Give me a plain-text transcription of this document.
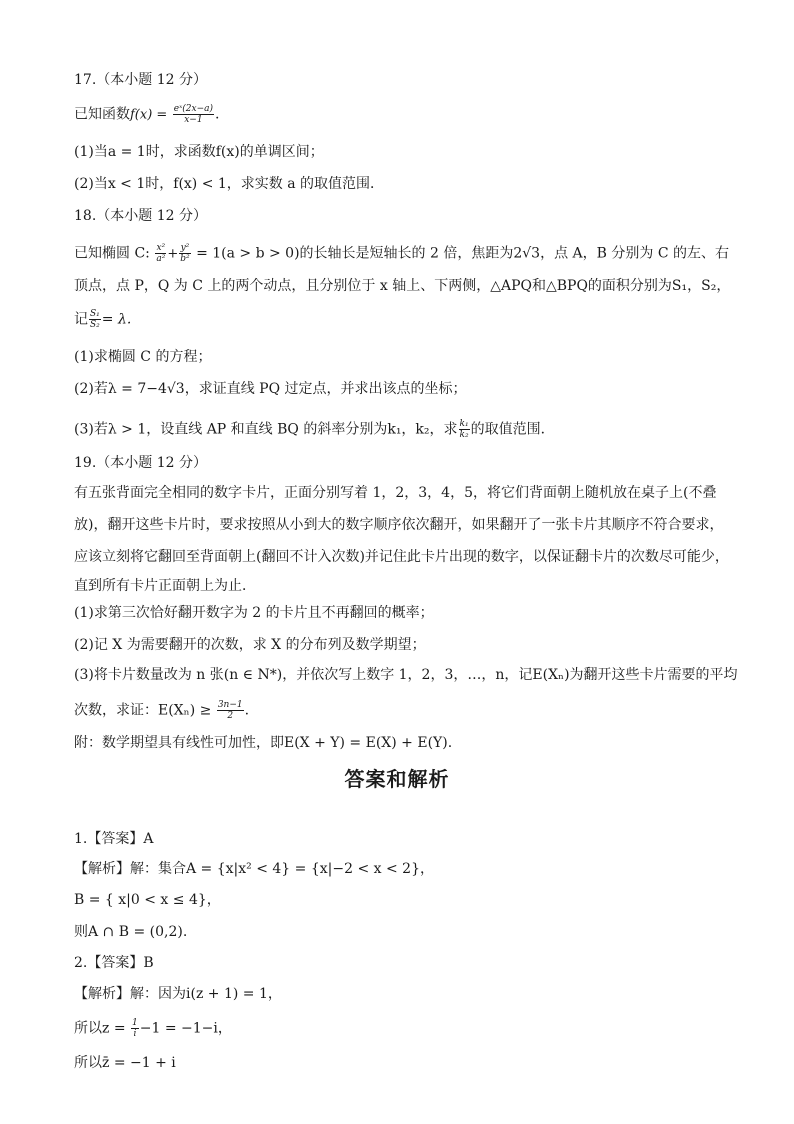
17.（本小题 12 分）
已知函数$f(x) = \frac{\text{eˣ(2x−a)}}{x-1}$ .
(1)当a = 1时，求函数f(x)的单调区间；
(2)当x < 1时，f(x) < 1，求实数 a 的取值范围．
18.（本小题 12 分）
已知椭圆 C: $\frac{\text{x²}}{\text{a²}} + \frac{\text{y²}}{\text{b²}} = 1(a > b > 0)$的长轴长是短轴长的 2 倍，焦距为2√3，点 A，B 分别为 C 的左、右
顶点，点 P，Q 为 C 上的两个动点，且分别位于 x 轴上、下两侧，△APQ和△BPQ的面积分别为S₁，S₂，
记 $\frac{\text{S₁}}{\text{S₂}} = \lambda$.
(1)求椭圆 C 的方程；
(2)若λ = 7−4√3，求证直线 PQ 过定点，并求出该点的坐标；
(3)若λ > 1，设直线 AP 和直线 BQ 的斜率分别为k₁，k₂，求 $\frac{\text{k₁}}{\text{k₂}}$ 的取值范围．
19.（本小题 12 分）
有五张背面完全相同的数字卡片，正面分别写着 1，2，3，4，5，将它们背面朝上随机放在桌子上(不叠
放)，翻开这些卡片时，要求按照从小到大的数字顺序依次翻开，如果翻开了一张卡片其顺序不符合要求，
应该立刻将它翻回至背面朝上(翻回不计入次数)并记住此卡片出现的数字，以保证翻卡片的次数尽可能少，
直到所有卡片正面朝上为止．
(1)求第三次恰好翻开数字为 2 的卡片且不再翻回的概率；
(2)记 X 为需要翻开的次数，求 X 的分布列及数学期望；
(3)将卡片数量改为 n 张(n ∈ N*)，并依次写上数字 1，2，3，…，n，记E(Xₙ)为翻开这些卡片需要的平均
次数，求证：$E(X_n) \ge \frac{3n-1}{2}$ .
附：数学期望具有线性可加性，即E(X + Y) = E(X) + E(Y).
答案和解析
1.【答案】A
【解析】解：集合A = {x|x² < 4} = {x|−2 < x < 2}，
B = { x|0 < x ≤ 4}，
则A ∩ B = (0,2).
2.【答案】B
【解析】解：因为i(z + 1) = 1，
所以$z = \frac{1}{i} -1 = -1-i$，
所以z̄ = −1 + i
